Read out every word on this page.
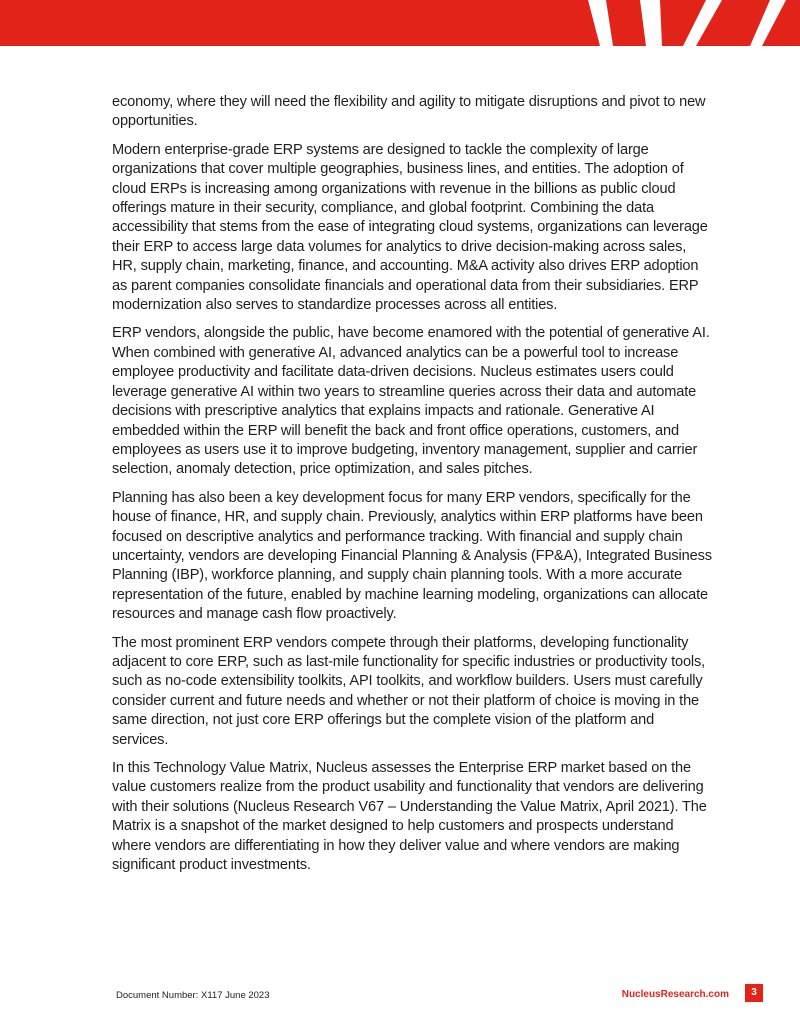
economy, where they will need the flexibility and agility to mitigate disruptions and pivot to new opportunities.

Modern enterprise-grade ERP systems are designed to tackle the complexity of large organizations that cover multiple geographies, business lines, and entities. The adoption of cloud ERPs is increasing among organizations with revenue in the billions as public cloud offerings mature in their security, compliance, and global footprint. Combining the data accessibility that stems from the ease of integrating cloud systems, organizations can leverage their ERP to access large data volumes for analytics to drive decision-making across sales, HR, supply chain, marketing, finance, and accounting. M&A activity also drives ERP adoption as parent companies consolidate financials and operational data from their subsidiaries. ERP modernization also serves to standardize processes across all entities.

ERP vendors, alongside the public, have become enamored with the potential of generative AI. When combined with generative AI, advanced analytics can be a powerful tool to increase employee productivity and facilitate data-driven decisions. Nucleus estimates users could leverage generative AI within two years to streamline queries across their data and automate decisions with prescriptive analytics that explains impacts and rationale. Generative AI embedded within the ERP will benefit the back and front office operations, customers, and employees as users use it to improve budgeting, inventory management, supplier and carrier selection, anomaly detection, price optimization, and sales pitches.

Planning has also been a key development focus for many ERP vendors, specifically for the house of finance, HR, and supply chain. Previously, analytics within ERP platforms have been focused on descriptive analytics and performance tracking. With financial and supply chain uncertainty, vendors are developing Financial Planning & Analysis (FP&A), Integrated Business Planning (IBP), workforce planning, and supply chain planning tools. With a more accurate representation of the future, enabled by machine learning modeling, organizations can allocate resources and manage cash flow proactively.

The most prominent ERP vendors compete through their platforms, developing functionality adjacent to core ERP, such as last-mile functionality for specific industries or productivity tools, such as no-code extensibility toolkits, API toolkits, and workflow builders. Users must carefully consider current and future needs and whether or not their platform of choice is moving in the same direction, not just core ERP offerings but the complete vision of the platform and services.

In this Technology Value Matrix, Nucleus assesses the Enterprise ERP market based on the value customers realize from the product usability and functionality that vendors are delivering with their solutions (Nucleus Research V67 – Understanding the Value Matrix, April 2021). The Matrix is a snapshot of the market designed to help customers and prospects understand where vendors are differentiating in how they deliver value and where vendors are making significant product investments.

Document Number: X117 June 2023	NucleusResearch.com	3
